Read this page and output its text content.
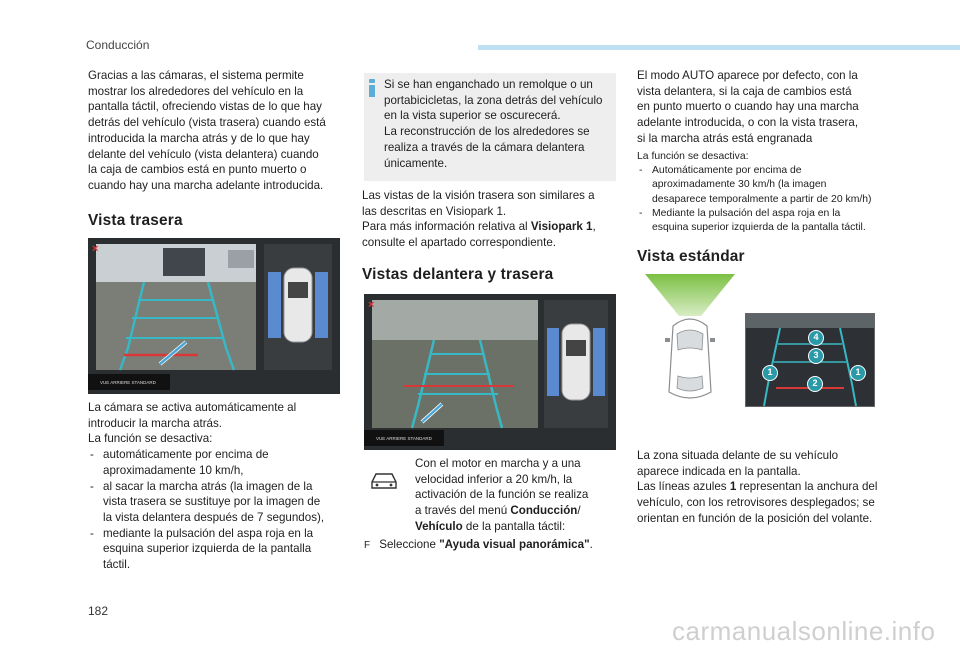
Conducción
Gracias a las cámaras, el sistema permite
mostrar los alrededores del vehículo en la
pantalla táctil, ofreciendo vistas de lo que hay
detrás del vehículo (vista trasera) cuando está
introducida la marcha atrás y de lo que hay
delante del vehículo (vista delantera) cuando
la caja de cambios está en punto muerto o
cuando hay una marcha adelante introducida.
Vista trasera
VUE ARRIERE STANDARD
×
La cámara se activa automáticamente al
introducir la marcha atrás.
La función se desactiva:
- automáticamente por encima de
aproximadamente 10 km/h,
- al sacar la marcha atrás (la imagen de la
vista trasera se sustituye por la imagen de
la vista delantera después de 7 segundos),
- mediante la pulsación del aspa roja en la
esquina superior izquierda de la pantalla
táctil.
Si se han enganchado un remolque o un
portabicicletas, la zona detrás del vehículo
en la vista superior se oscurecerá.
La reconstrucción de los alrededores se
realiza a través de la cámara delantera
únicamente.
Las vistas de la visión trasera son similares a
las descritas en Visiopark 1.
Para más información relativa al Visiopark 1,
consulte el apartado correspondiente.
Vistas delantera y trasera
VUE ARRIERE STANDARD
×
Con el motor en marcha y a una
velocidad inferior a 20 km/h, la
activación de la función se realiza
a través del menú Conducción/
Vehículo de la pantalla táctil:
F Seleccione "Ayuda visual panorámica".
El modo AUTO aparece por defecto, con la
vista delantera, si la caja de cambios está
en punto muerto o cuando hay una marcha
adelante introducida, o con la vista trasera,
si la marcha atrás está engranada
La función se desactiva:
- Automáticamente por encima de
aproximadamente 30 km/h (la imagen
desaparece temporalmente a partir de 20 km/h)
- Mediante la pulsación del aspa roja en la
esquina superior izquierda de la pantalla táctil.
Vista estándar
4
3
1	1
2
La zona situada delante de su vehículo
aparece indicada en la pantalla.
Las líneas azules 1 representan la anchura del
vehículo, con los retrovisores desplegados; se
orientan en función de la posición del volante.
182
carmanualsonline.info
